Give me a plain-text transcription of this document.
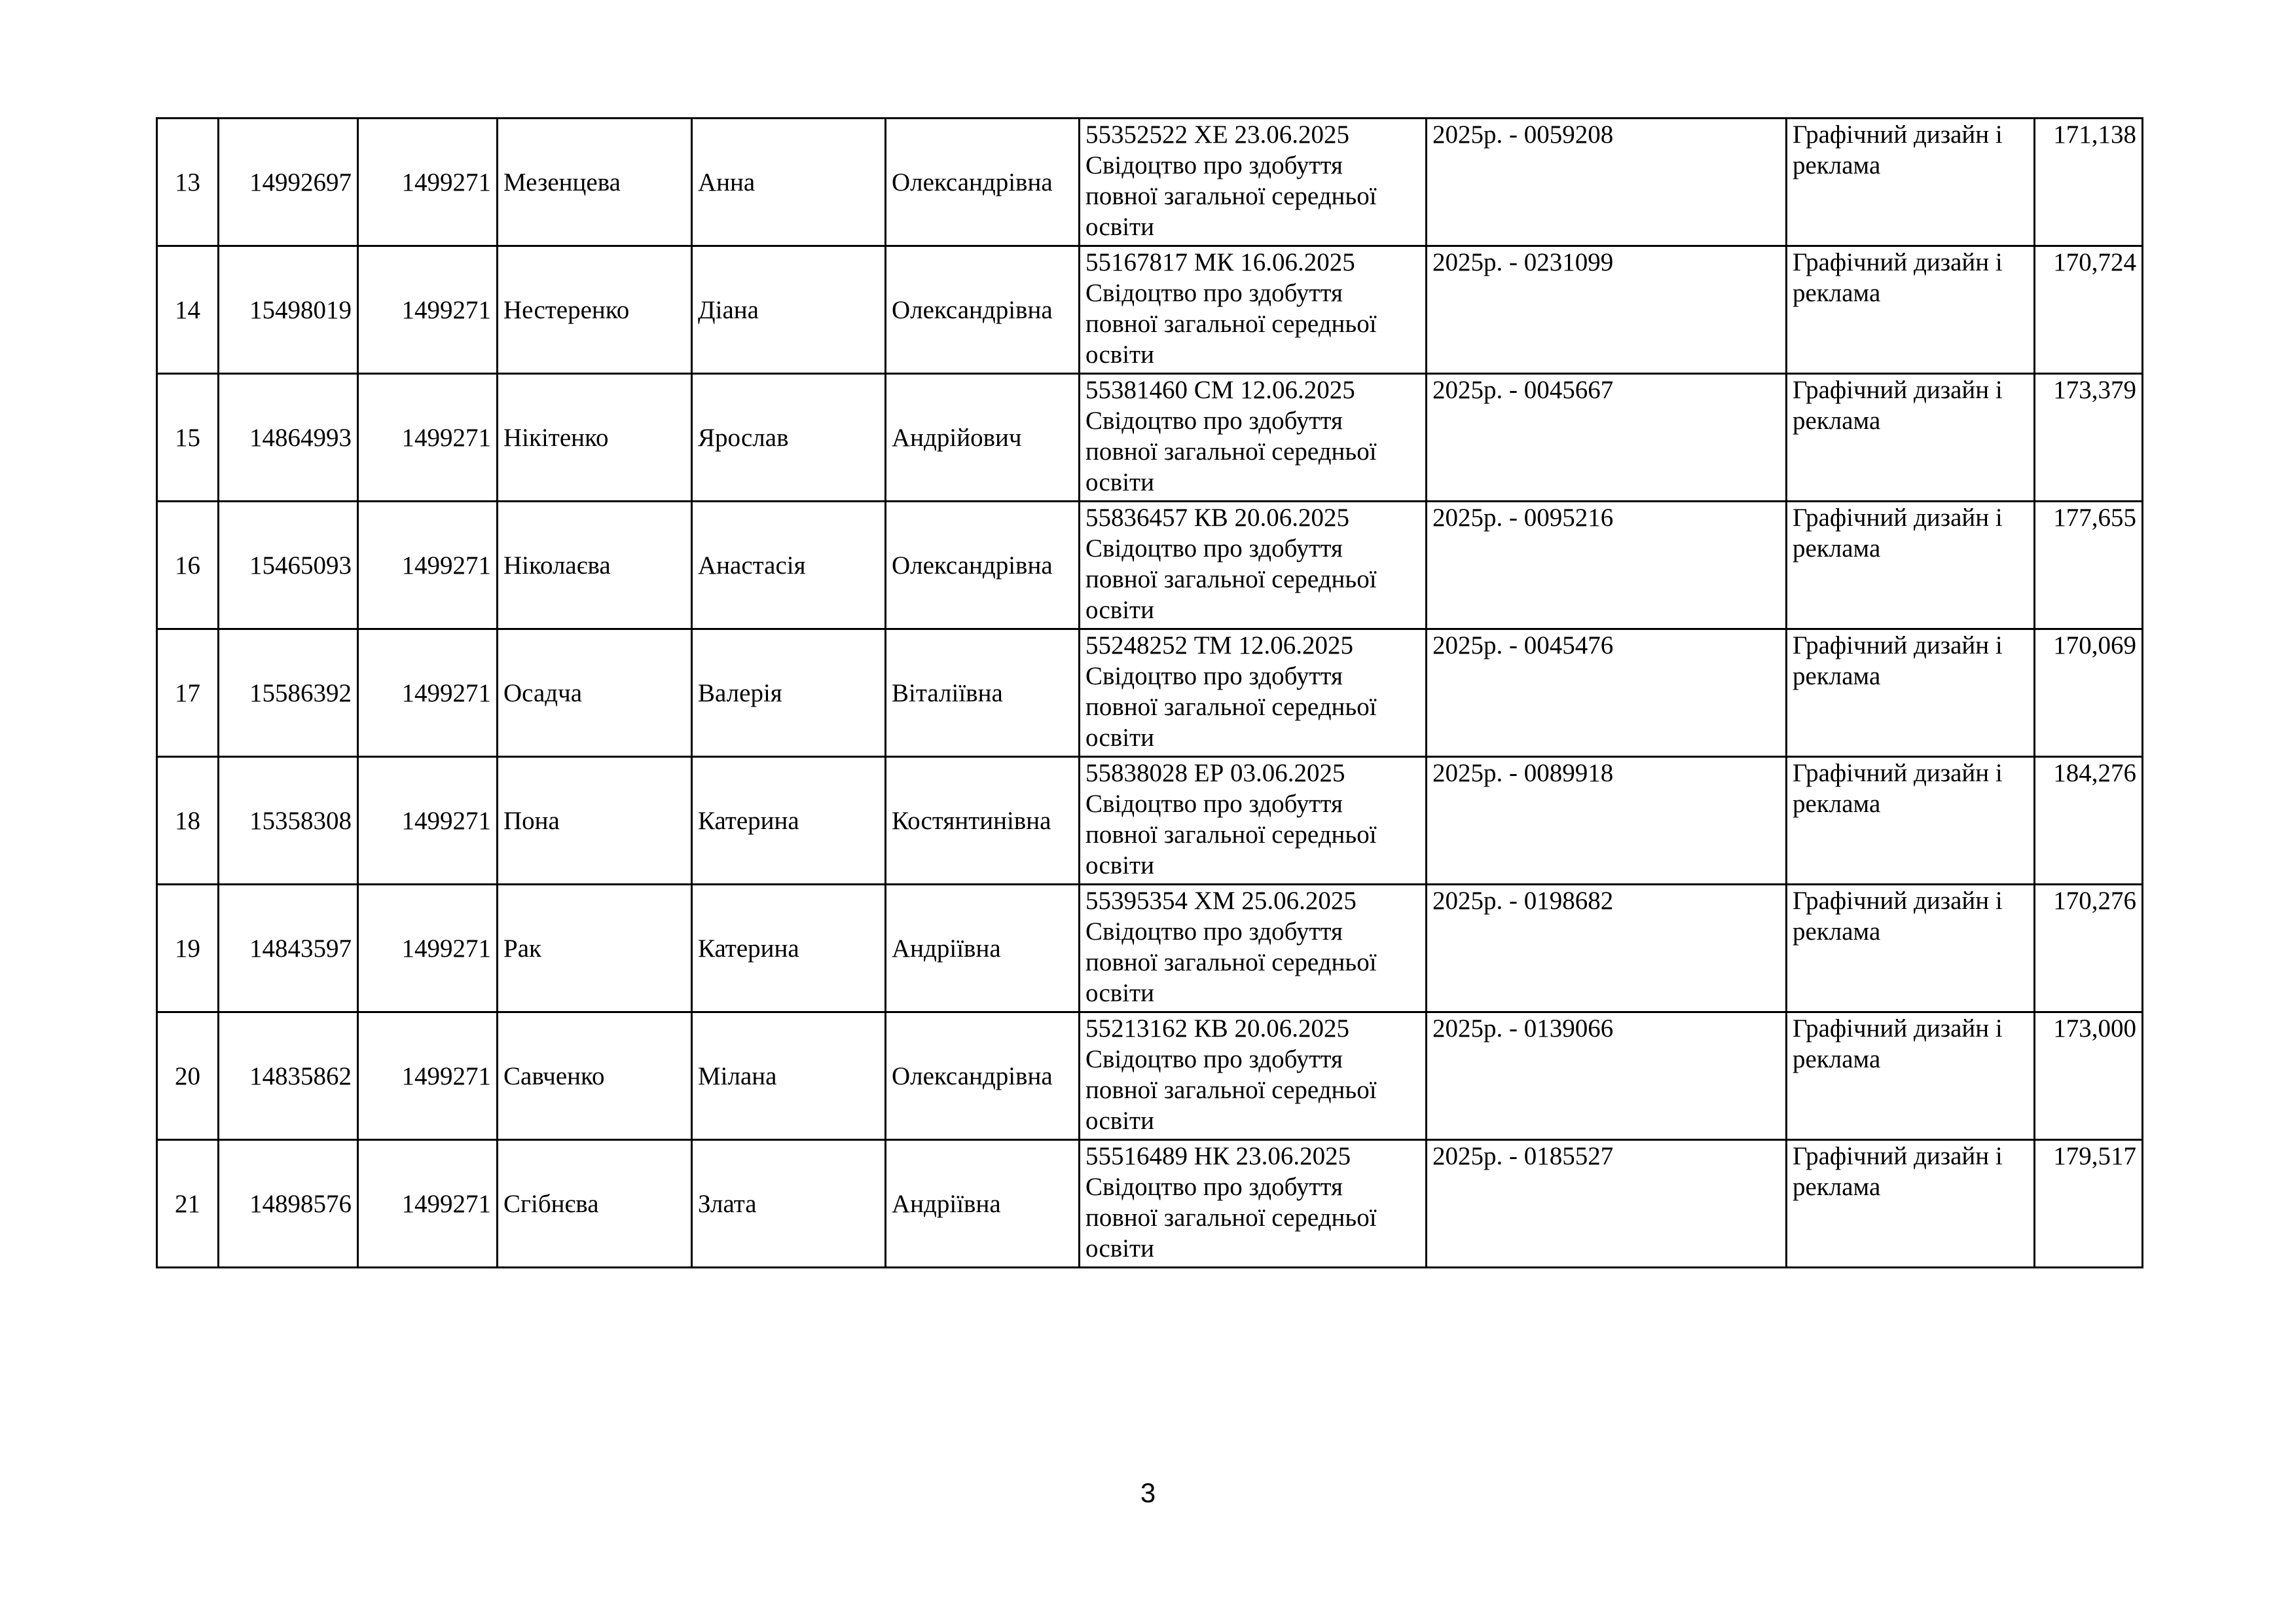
13	14992697	1499271	Мезенцева	Анна	Олександрівна	55352522 ХЕ 23.06.2025 Свідоцтво про здобуття повної загальної середньої освіти	2025р. - 0059208	Графічний дизайн і реклама	171,138
14	15498019	1499271	Нестеренко	Діана	Олександрівна	55167817 МК 16.06.2025 Свідоцтво про здобуття повної загальної середньої освіти	2025р. - 0231099	Графічний дизайн і реклама	170,724
15	14864993	1499271	Нікітенко	Ярослав	Андрійович	55381460 СМ 12.06.2025 Свідоцтво про здобуття повної загальної середньої освіти	2025р. - 0045667	Графічний дизайн і реклама	173,379
16	15465093	1499271	Ніколаєва	Анастасія	Олександрівна	55836457 КВ 20.06.2025 Свідоцтво про здобуття повної загальної середньої освіти	2025р. - 0095216	Графічний дизайн і реклама	177,655
17	15586392	1499271	Осадча	Валерія	Віталіївна	55248252 ТМ 12.06.2025 Свідоцтво про здобуття повної загальної середньої освіти	2025р. - 0045476	Графічний дизайн і реклама	170,069
18	15358308	1499271	Пона	Катерина	Костянтинівна	55838028 ЕР 03.06.2025 Свідоцтво про здобуття повної загальної середньої освіти	2025р. - 0089918	Графічний дизайн і реклама	184,276
19	14843597	1499271	Рак	Катерина	Андріївна	55395354 ХМ 25.06.2025 Свідоцтво про здобуття повної загальної середньої освіти	2025р. - 0198682	Графічний дизайн і реклама	170,276
20	14835862	1499271	Савченко	Мілана	Олександрівна	55213162 КВ 20.06.2025 Свідоцтво про здобуття повної загальної середньої освіти	2025р. - 0139066	Графічний дизайн і реклама	173,000
21	14898576	1499271	Сгібнєва	Злата	Андріївна	55516489 НК 23.06.2025 Свідоцтво про здобуття повної загальної середньої освіти	2025р. - 0185527	Графічний дизайн і реклама	179,517
3
